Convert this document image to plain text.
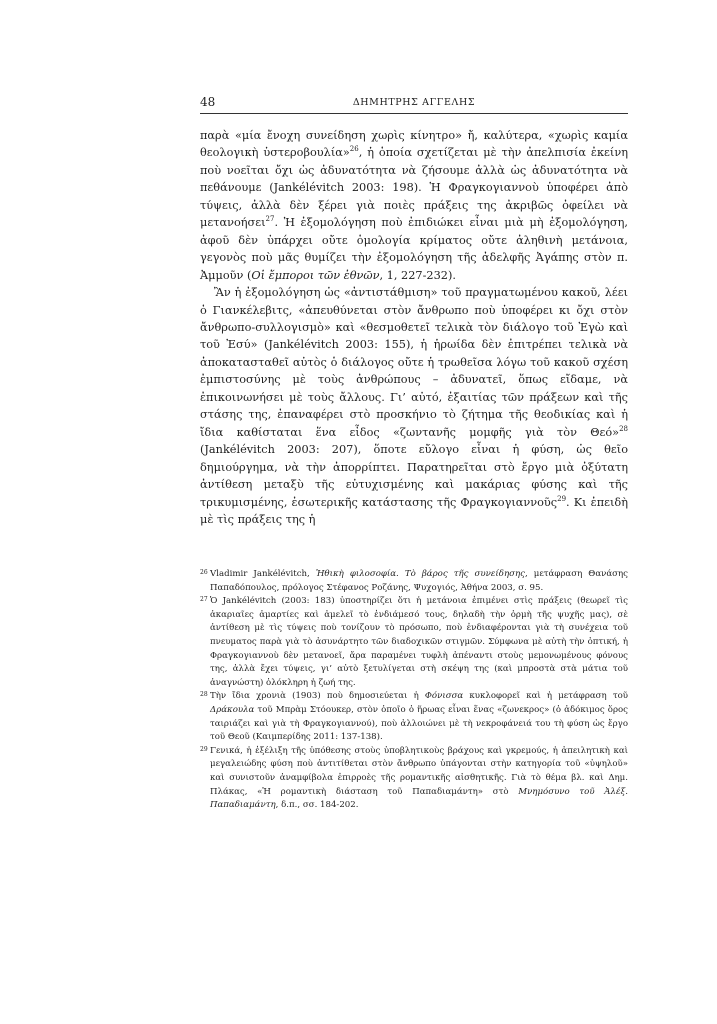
48	ΔΗΜΗΤΡΗΣ ΑΓΓΕΛΗΣ

παρὰ «μία ἔνοχη συνείδηση χωρὶς κίνητρο» ἤ, καλύτερα, «χωρὶς καμία θεολογικὴ ὑστεροβουλία»$^{26}$, ἡ ὁποία σχετίζεται μὲ τὴν ἀπελπισία ἐκείνη ποὺ νοεῖται ὄχι ὡς ἀδυνατότητα νὰ ζήσουμε ἀλλὰ ὡς ἀδυνατότητα νὰ πεθάνουμε (Jankélévitch 2003: 198). Ἡ Φραγκογιαννοὺ ὑποφέρει ἀπὸ τύψεις, ἀλλὰ δὲν ξέρει γιὰ ποιὲς πράξεις της ἀκριβῶς ὀφείλει νὰ μετανοήσει$^{27}$. Ἡ ἐξομολόγηση ποὺ ἐπιδιώκει εἶναι μιὰ μὴ ἐξομολόγηση, ἀφοῦ δὲν ὑπάρχει οὔτε ὁμολογία κρίματος οὔτε ἀληθινὴ μετάνοια, γεγονὸς ποὺ μᾶς θυμίζει τὴν ἐξομολόγηση τῆς ἀδελφῆς Ἀγάπης στὸν π. Ἀμμοῦν (Οἱ ἔμποροι τῶν ἐθνῶν, 1, 227-232).

Ἂν ἡ ἐξομολόγηση ὡς «ἀντιστάθμιση» τοῦ πραγματωμένου κακοῦ, λέει ὁ Γιανκέλεβιτς, «ἀπευθύνεται στὸν ἄνθρωπο ποὺ ὑποφέρει κι ὄχι στὸν ἄνθρωπο-συλλογισμὸ» καὶ «θεσμοθετεῖ τελικὰ τὸν διάλογο τοῦ Ἐγὼ καὶ τοῦ Ἐσύ» (Jankélévitch 2003: 155), ἡ ἡρωίδα δὲν ἐπιτρέπει τελικὰ νὰ ἀποκατασταθεῖ αὐτὸς ὁ διάλογος οὔτε ἡ τρωθεῖσα λόγω τοῦ κακοῦ σχέση ἐμπιστοσύνης μὲ τοὺς ἀνθρώπους – ἀδυνατεῖ, ὅπως εἴδαμε, νὰ ἐπικοινωνήσει μὲ τοὺς ἄλλους. Γι’ αὐτό, ἐξαιτίας τῶν πράξεων καὶ τῆς στάσης της, ἐπαναφέρει στὸ προσκήνιο τὸ ζήτημα τῆς θεοδικίας καὶ ἡ ἴδια καθίσταται ἕνα εἶδος «ζωντανῆς μομφῆς γιὰ τὸν Θεό»$^{28}$ (Jankélévitch 2003: 207), ὅποτε εὔλογο εἶναι ἡ φύση, ὡς θεῖο δημιούργημα, νὰ τὴν ἀπορρίπτει. Παρατηρεῖται στὸ ἔργο μιὰ ὀξύτατη ἀντίθεση μεταξὺ τῆς εὐτυχισμένης καὶ μακάριας φύσης καὶ τῆς τρικυμισμένης, ἐσωτερικῆς κατάστασης τῆς Φραγκογιαννοῦς$^{29}$. Κι ἐπειδὴ μὲ τὶς πράξεις της ἡ

26 Vladimir Jankélévitch, Ἠθικὴ φιλοσοφία. Τὸ βάρος τῆς συνείδησης, μετάφραση Θανάσης Παπαδόπουλος, πρόλογος Στέφανος Ροζάνης, Ψυχογιός, Ἀθήνα 2003, σ. 95.
27 Ὁ Jankélévitch (2003: 183) ὑποστηρίζει ὅτι ἡ μετάνοια ἐπιμένει στὶς πράξεις (θεωρεῖ τὶς ἀκαριαῖες ἁμαρτίες καὶ ἀμελεῖ τὸ ἐνδιάμεσό τους, δηλαδὴ τὴν ὁρμὴ τῆς ψυχῆς μας), σὲ ἀντίθεση μὲ τὶς τύψεις ποὺ τονίζουν τὸ πρόσωπο, ποὺ ἐνδιαφέρονται γιὰ τὴ συνέχεια τοῦ πνευματος παρὰ γιὰ τὸ ἀσυνάρτητο τῶν διαδοχικῶν στιγμῶν. Σύμφωνα μὲ αὐτὴ τὴν ὀπτική, ἡ Φραγκογιαννοὺ δὲν μετανοεῖ, ἄρα παραμένει τυφλὴ ἀπέναντι στοὺς μεμονωμένους φόνους της, ἀλλὰ ἔχει τύψεις, γι’ αὐτὸ ξετυλίγεται στὴ σκέψη της (καὶ μπροστὰ στὰ μάτια τοῦ ἀναγνώστη) ὁλόκληρη ἡ ζωή της.
28 Τὴν ἴδια χρονιὰ (1903) ποὺ δημοσιεύεται ἡ Φόνισσα κυκλοφορεῖ καὶ ἡ μετάφραση τοῦ Δράκουλα τοῦ Μπρὰμ Στόουκερ, στὸν ὁποῖο ὁ ἥρωας εἶναι ἕνας «ζωνεκρος» (ὁ ἀδόκιμος ὅρος ταιριάζει καὶ γιὰ τὴ Φραγκογιαννού), ποὺ ἀλλοιώνει μὲ τὴ νεκροφάνειά του τὴ φύση ὡς ἔργο τοῦ Θεοῦ (Καιμπερίδης 2011: 137-138).
29 Γενικά, ἡ ἐξέλιξη τῆς ὑπόθεσης στοὺς ὑποβλητικοὺς βράχους καὶ γκρεμούς, ἡ ἀπειλητικὴ καὶ μεγαλειώδης φύση ποὺ ἀντιτίθεται στὸν ἄνθρωπο ὑπάγονται στὴν κατηγορία τοῦ «ὑψηλοῦ» καὶ συνιστοῦν ἀναμφίβολα ἐπιρροὲς τῆς ρομαντικῆς αἰσθητικῆς. Γιὰ τὸ θέμα βλ. καὶ Δημ. Πλάκας, «Ἡ ρομαντικὴ διάσταση τοῦ Παπαδιαμάντη» στὸ Μνημόσυνο τοῦ Ἀλέξ. Παπαδιαμάντη, δ.π., σσ. 184-202.
